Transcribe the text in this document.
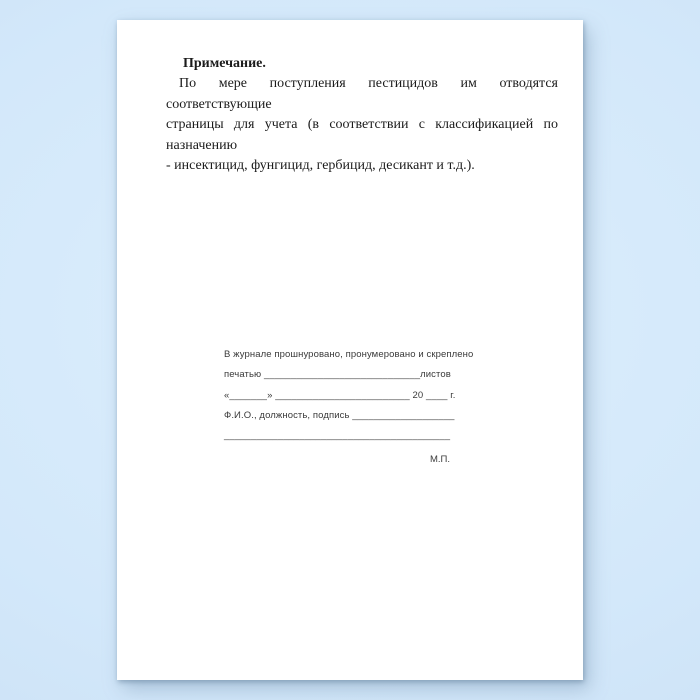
Примечание.
По мере поступления пестицидов им отводятся соответствующие
страницы для учета (в соответствии с классификацией по назначению
- инсектицид, фунгицид, гербицид, десикант и т.д.).
В журнале прошнуровано, пронумеровано и скреплено
печатью _____________________________листов
«_______» _________________________ 20 ____ г.
Ф.И.О., должность, подпись ___________________
__________________________________________
М.П.
